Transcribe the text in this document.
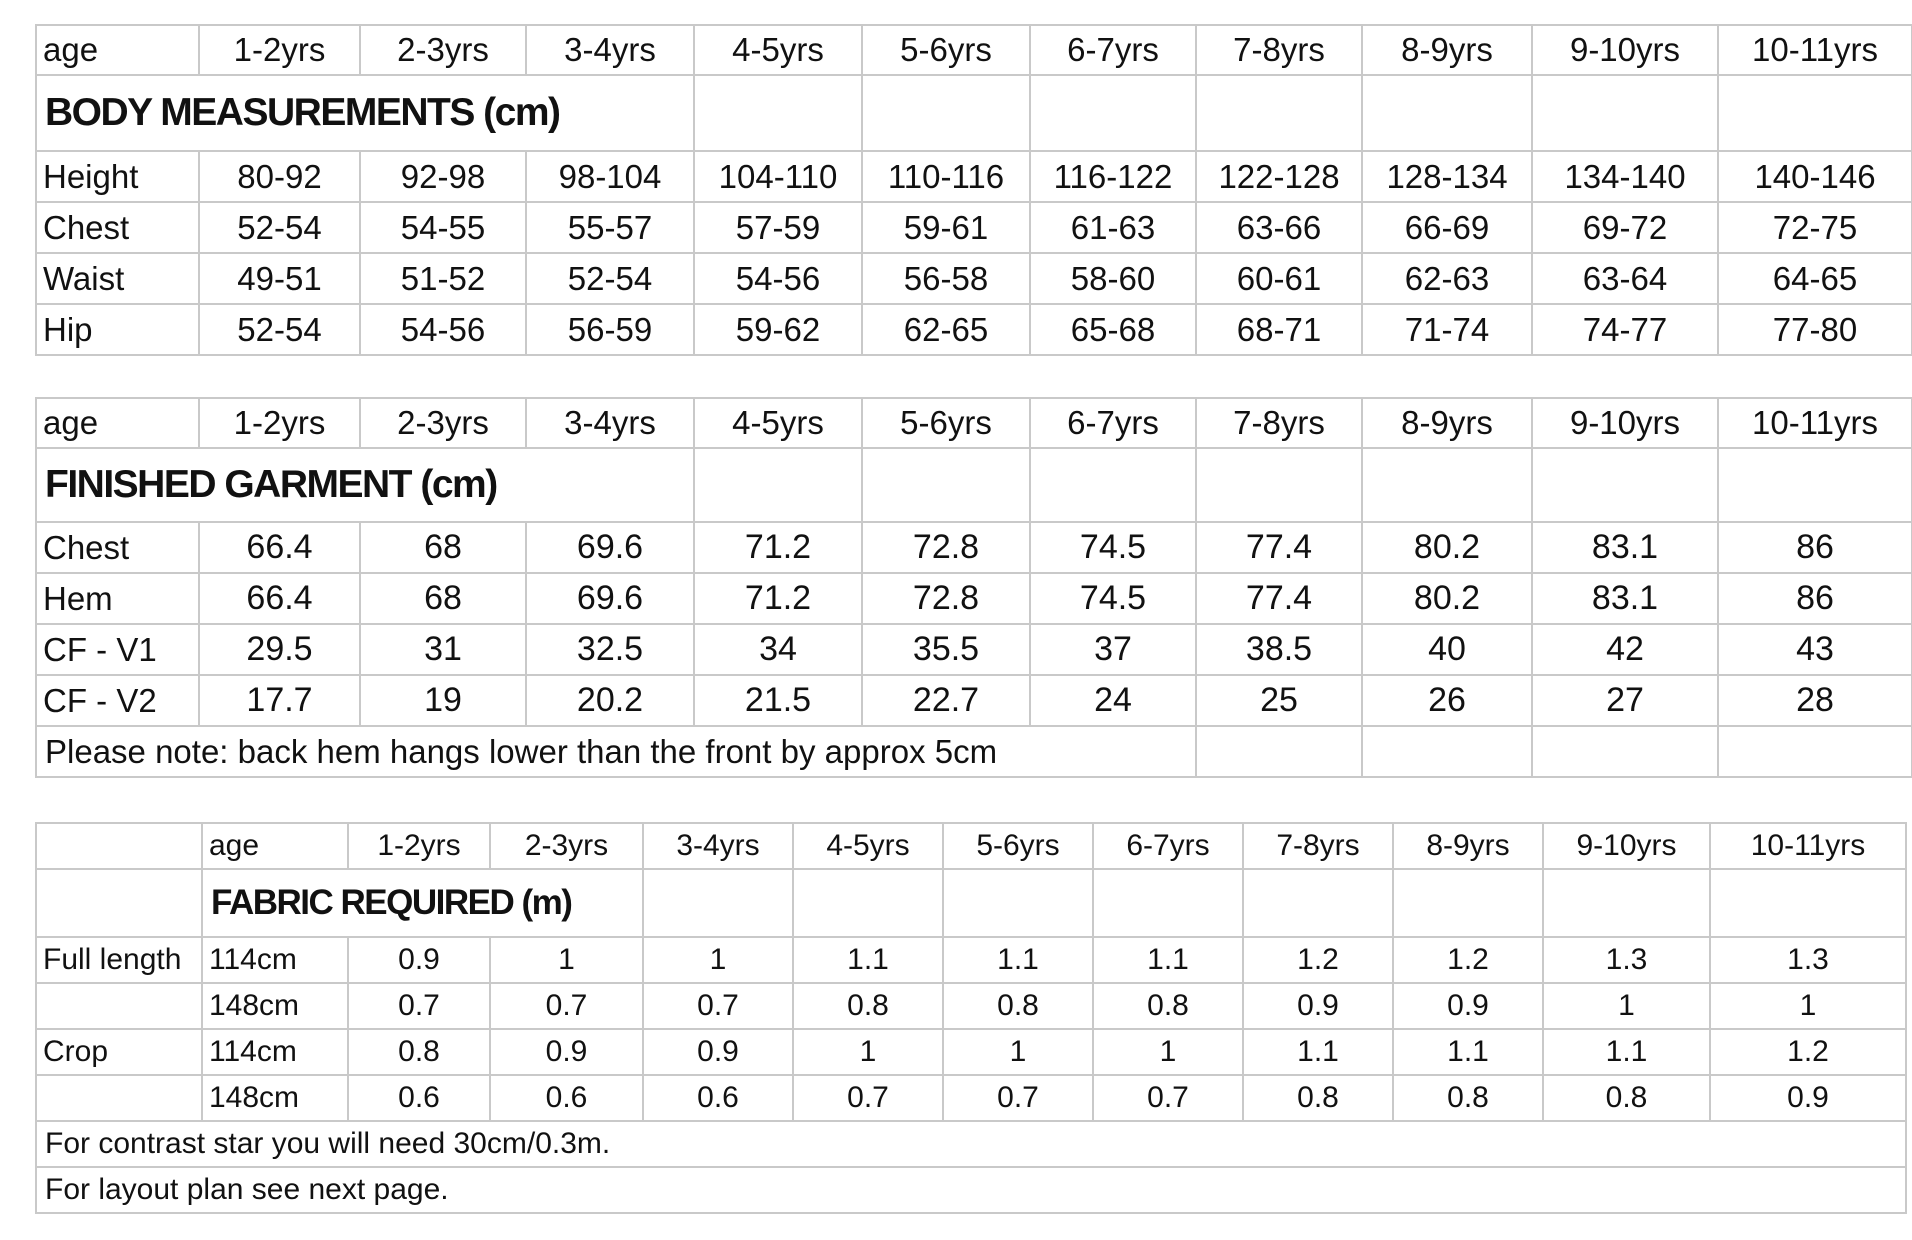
age	1-2yrs	2-3yrs	3-4yrs	4-5yrs	5-6yrs	6-7yrs	7-8yrs	8-9yrs	9-10yrs	10-11yrs
BODY MEASUREMENTS (cm)										
Height	80-92	92-98	98-104	104-110	110-116	116-122	122-128	128-134	134-140	140-146
Chest	52-54	54-55	55-57	57-59	59-61	61-63	63-66	66-69	69-72	72-75
Waist	49-51	51-52	52-54	54-56	56-58	58-60	60-61	62-63	63-64	64-65
Hip	52-54	54-56	56-59	59-62	62-65	65-68	68-71	71-74	74-77	77-80
age	1-2yrs	2-3yrs	3-4yrs	4-5yrs	5-6yrs	6-7yrs	7-8yrs	8-9yrs	9-10yrs	10-11yrs
FINISHED GARMENT (cm)										
Chest	66.4	68	69.6	71.2	72.8	74.5	77.4	80.2	83.1	86
Hem	66.4	68	69.6	71.2	72.8	74.5	77.4	80.2	83.1	86
CF - V1	29.5	31	32.5	34	35.5	37	38.5	40	42	43
CF - V2	17.7	19	20.2	21.5	22.7	24	25	26	27	28
Please note: back hem hangs lower than the front by approx 5cm										
	age	1-2yrs	2-3yrs	3-4yrs	4-5yrs	5-6yrs	6-7yrs	7-8yrs	8-9yrs	9-10yrs	10-11yrs
	FABRIC REQUIRED (m)										
Full length	114cm	0.9	1	1	1.1	1.1	1.1	1.2	1.2	1.3	1.3
	148cm	0.7	0.7	0.7	0.8	0.8	0.8	0.9	0.9	1	1
Crop	114cm	0.8	0.9	0.9	1	1	1	1.1	1.1	1.1	1.2
	148cm	0.6	0.6	0.6	0.7	0.7	0.7	0.8	0.8	0.8	0.9
For contrast star you will need 30cm/0.3m.											
For layout plan see next page.											
